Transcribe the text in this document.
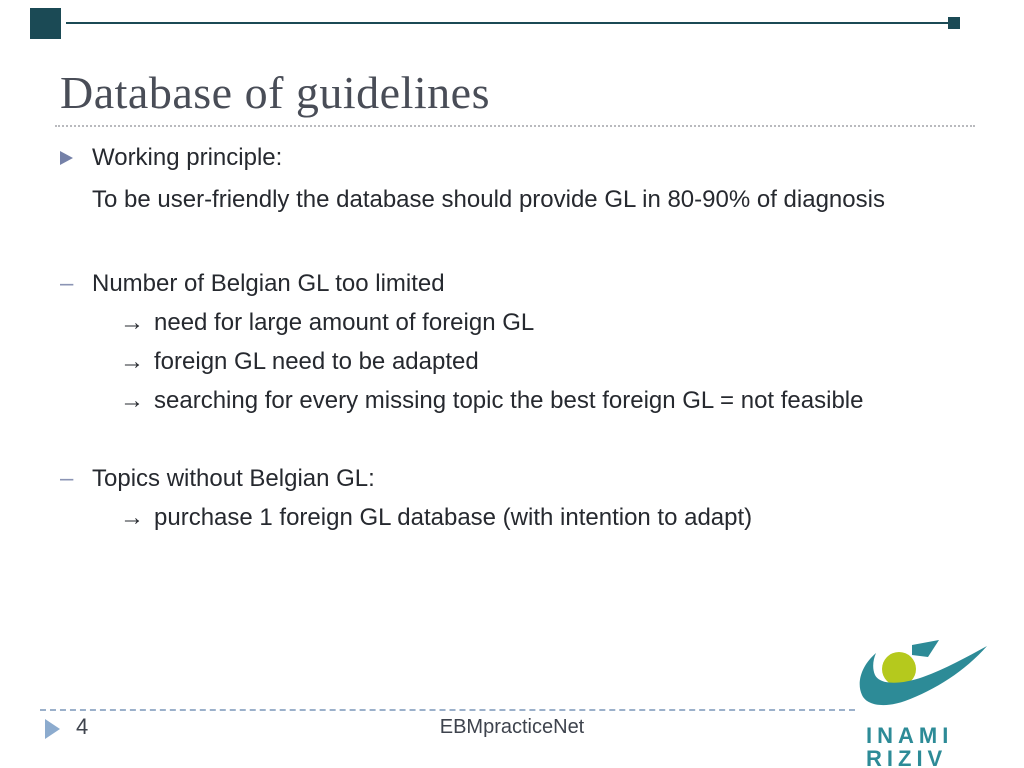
Database of guidelines
Working principle:
To be user-friendly the database should provide GL in 80-90% of diagnosis
– Number of Belgian GL too limited
→ need for large amount of foreign GL
→ foreign GL need to be adapted
→ searching for every missing topic the best foreign GL = not feasible
– Topics without Belgian GL:
→ purchase 1 foreign GL database (with intention to adapt)
4	EBMpracticeNet	INAMI
RIZIV
